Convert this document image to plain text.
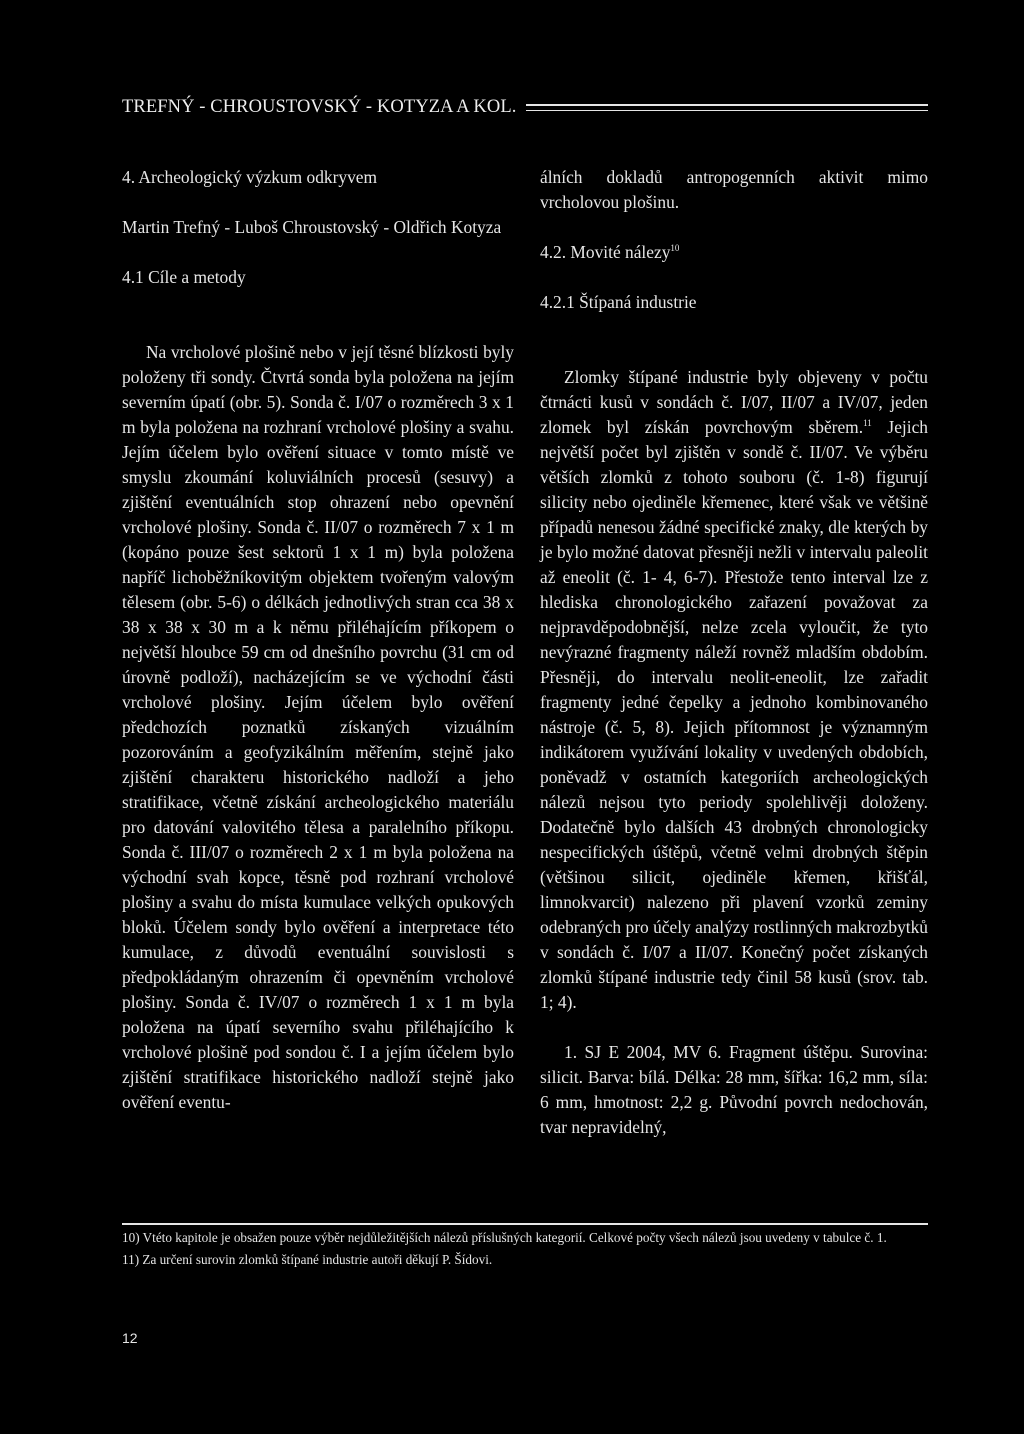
TREFNÝ - CHROUSTOVSKÝ - KOTYZA A KOL.

4. Archeologický výzkum odkryvem

Martin Trefný - Luboš Chroustovský - Oldřich Kotyza

4.1 Cíle a metody

Na vrcholové plošině nebo v její těsné blízkosti byly položeny tři sondy. Čtvrtá sonda byla položena na jejím severním úpatí (obr. 5). Sonda č. I/07 o rozměrech 3 x 1 m byla položena na rozhraní vrcholové plošiny a svahu. Jejím účelem bylo ověření situace v tomto místě ve smyslu zkoumání koluviálních procesů (sesuvy) a zjištění eventuálních stop ohrazení nebo opevnění vrcholové plošiny. Sonda č. II/07 o rozměrech 7 x 1 m (kopáno pouze šest sektorů 1 x 1 m) byla položena napříč lichoběžníkovitým objektem tvořeným valovým tělesem (obr. 5-6) o délkách jednotlivých stran cca 38 x 38 x 38 x 30 m a k němu přiléhajícím příkopem o největší hloubce 59 cm od dnešního povrchu (31 cm od úrovně podloží), nacházejícím se ve východní části vrcholové plošiny. Jejím účelem bylo ověření předchozích poznatků získaných vizuálním pozorováním a geofyzikálním měřením, stejně jako zjištění charakteru historického nadloží a jeho stratifikace, včetně získání archeologického materiálu pro datování valovitého tělesa a paralelního příkopu. Sonda č. III/07 o rozměrech 2 x 1 m byla položena na východní svah kopce, těsně pod rozhraní vrcholové plošiny a svahu do místa kumulace velkých opukových bloků. Účelem sondy bylo ověření a interpretace této kumulace, z důvodů eventuální souvislosti s předpokládaným ohrazením či opevněním vrcholové plošiny. Sonda č. IV/07 o rozměrech 1 x 1 m byla položena na úpatí severního svahu přiléhajícího k vrcholové plošině pod sondou č. I a jejím účelem bylo zjištění stratifikace historického nadloží stejně jako ověření eventu-

álních dokladů antropogenních aktivit mimo vrcholovou plošinu.

4.2. Movité nálezy$^{10}$

4.2.1 Štípaná industrie

Zlomky štípané industrie byly objeveny v počtu čtrnácti kusů v sondách č. I/07, II/07 a IV/07, jeden zlomek byl získán povrchovým sběrem.$^{11}$ Jejich největší počet byl zjištěn v sondě č. II/07. Ve výběru větších zlomků z tohoto souboru (č. 1-8) figurují silicity nebo ojediněle křemenec, které však ve většině případů nenesou žádné specifické znaky, dle kterých by je bylo možné datovat přesněji nežli v intervalu paleolit až eneolit (č. 1- 4, 6-7). Přestože tento interval lze z hlediska chronologického zařazení považovat za nejpravděpodobnější, nelze zcela vyloučit, že tyto nevýrazné fragmenty náleží rovněž mladším obdobím. Přesněji, do intervalu neolit-eneolit, lze zařadit fragmenty jedné čepelky a jednoho kombinovaného nástroje (č. 5, 8). Jejich přítomnost je významným indikátorem využívání lokality v uvedených obdobích, poněvadž v ostatních kategoriích archeologických nálezů nejsou tyto periody spolehlivěji doloženy. Dodatečně bylo dalších 43 drobných chronologicky nespecifických úštěpů, včetně velmi drobných štěpin (většinou silicit, ojediněle křemen, křišťál, limnokvarcit) nalezeno při plavení vzorků zeminy odebraných pro účely analýzy rostlinných makrozbytků v sondách č. I/07 a II/07. Konečný počet získaných zlomků štípané industrie tedy činil 58 kusů (srov. tab. 1; 4).

1. SJ E 2004, MV 6. Fragment úštěpu. Surovina: silicit. Barva: bílá. Délka: 28 mm, šířka: 16,2 mm, síla: 6 mm, hmotnost: 2,2 g. Původní povrch nedochován, tvar nepravidelný,

10) Vtéto kapitole je obsažen pouze výběr nejdůležitějších nálezů příslušných kategorií. Celkové počty všech nálezů jsou uvedeny v tabulce č. 1.

11) Za určení surovin zlomků štípané industrie autoři děkují P. Šídovi.

12
